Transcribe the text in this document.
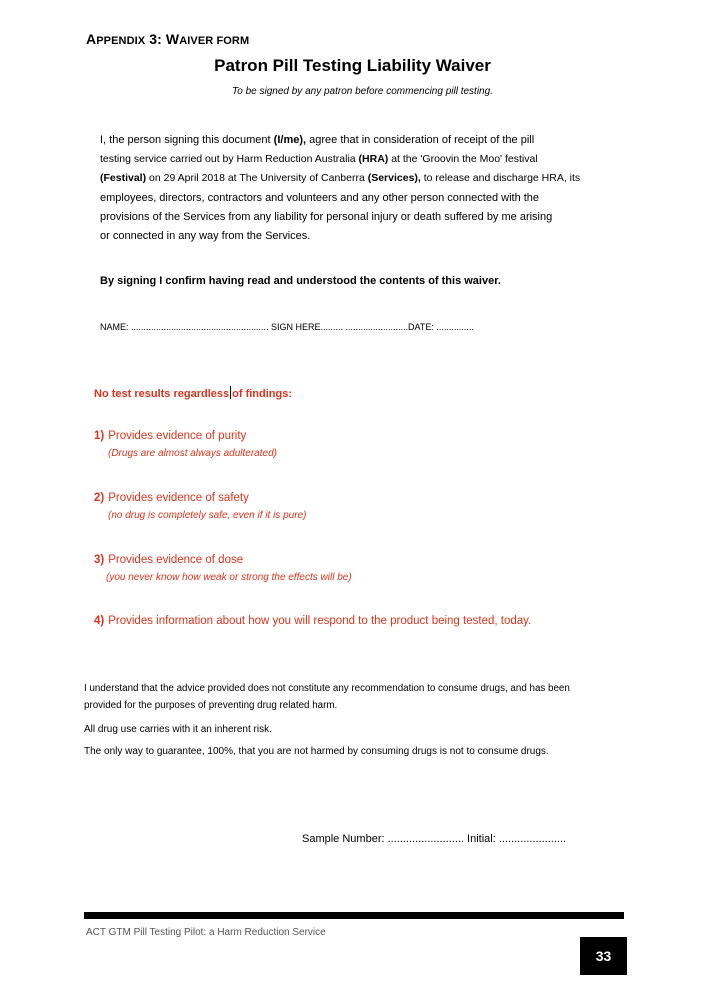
APPENDIX 3: WAIVER FORM
Patron Pill Testing Liability Waiver
To be signed by any patron before commencing pill testing.

I, the person signing this document (I/me), agree that in consideration of receipt of the pill

testing service carried out by Harm Reduction Australia (HRA) at the 'Groovin the Moo' festival

(Festival) on 29 April 2018 at The University of Canberra (Services), to release and discharge HRA, its

employees, directors, contractors and volunteers and any other person connected with the

provisions of the Services from any liability for personal injury or death suffered by me arising

or connected in any way from the Services.

By signing I confirm having read and understood the contents of this waiver.
NAME: ....................................................... SIGN HERE......... .........................DATE: ...............
No test results regardless of findings:
1) Provides evidence of purity
(Drugs are almost always adulterated)
2) Provides evidence of safety
(no drug is completely safe, even if it is pure)
3) Provides evidence of dose
(you never know how weak or strong the effects will be)
4) Provides information about how you will respond to the product being tested, today.
I understand that the advice provided does not constitute any recommendation to consume drugs, and has been
provided for the purposes of preventing drug related harm.
All drug use carries with it an inherent risk.
The only way to guarantee, 100%, that you are not harmed by consuming drugs is not to consume drugs.
Sample Number: ......................... Initial: ......................
ACT GTM Pill Testing Pilot: a Harm Reduction Service
33
